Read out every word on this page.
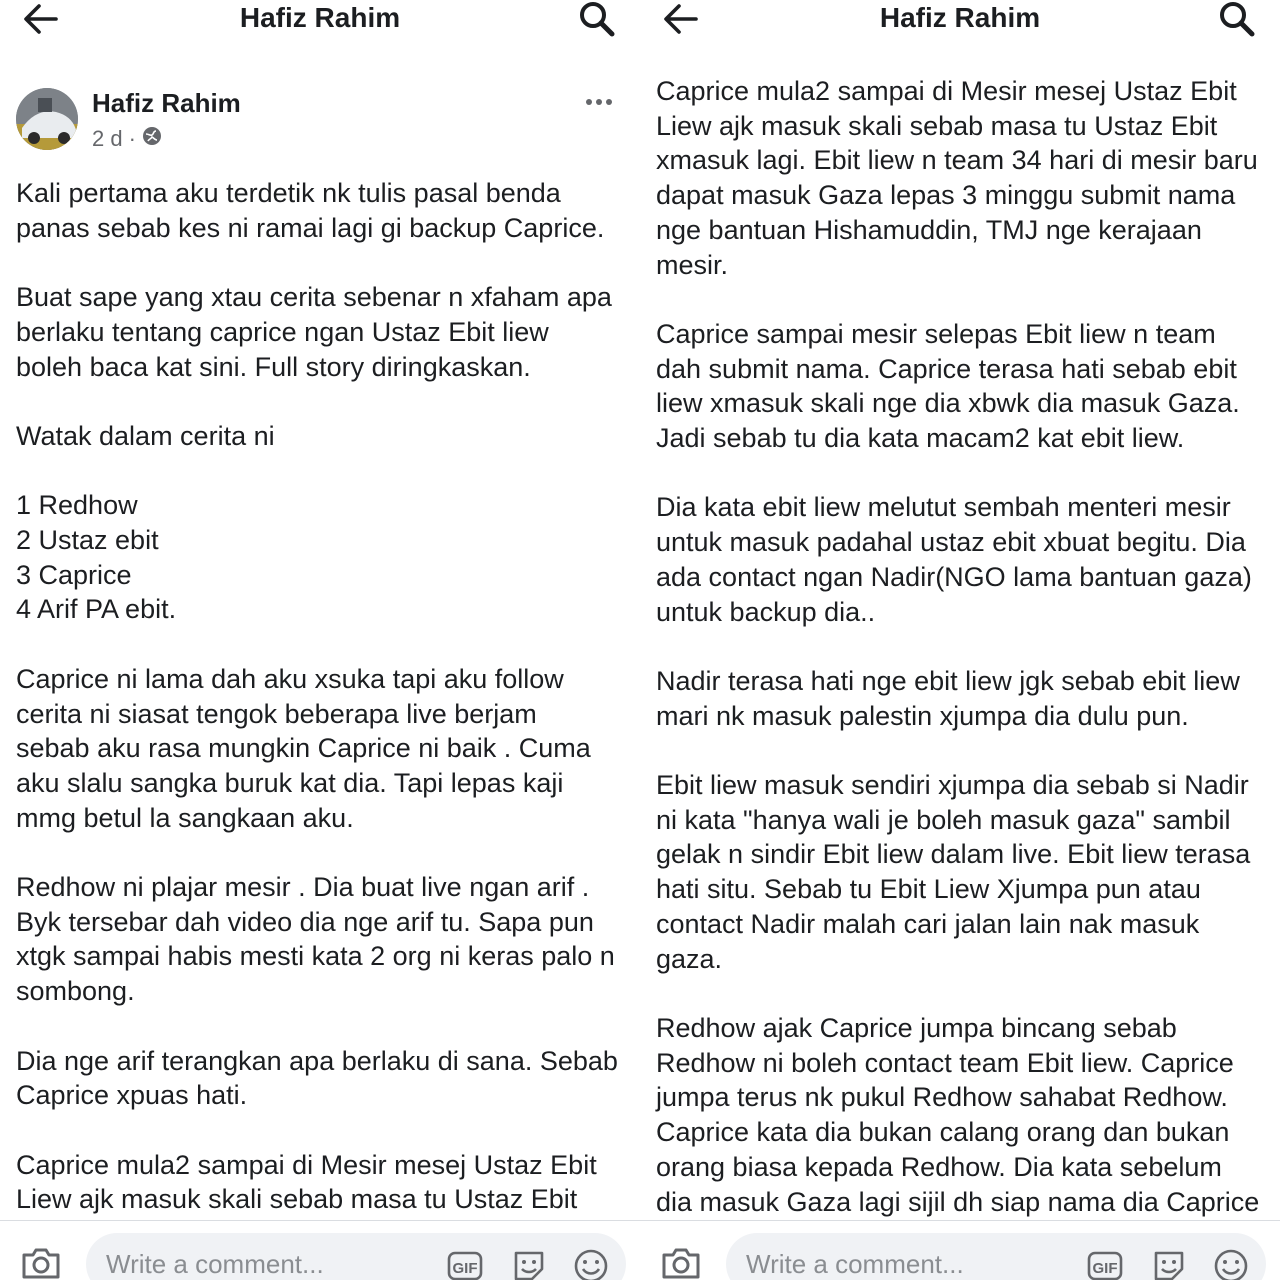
Hafiz Rahim
Hafiz Rahim
2 d ·
Kali pertama aku terdetik nk tulis pasal benda
panas sebab kes ni ramai lagi gi backup Caprice.

Buat sape yang xtau cerita sebenar n xfaham apa
berlaku tentang caprice ngan Ustaz Ebit liew
boleh baca kat sini. Full story diringkaskan.

Watak dalam cerita ni

1 Redhow
2 Ustaz ebit
3 Caprice
4 Arif PA ebit.

Caprice ni lama dah aku xsuka tapi aku follow
cerita ni siasat tengok beberapa live berjam
sebab aku rasa mungkin Caprice ni baik . Cuma
aku slalu sangka buruk kat dia. Tapi lepas kaji
mmg betul la sangkaan aku.

Redhow ni plajar mesir . Dia buat live ngan arif .
Byk tersebar dah video dia nge arif tu. Sapa pun
xtgk sampai habis mesti kata 2 org ni keras palo n
sombong.

Dia nge arif terangkan apa berlaku di sana. Sebab
Caprice xpuas hati.

Caprice mula2 sampai di Mesir mesej Ustaz Ebit
Liew ajk masuk skali sebab masa tu Ustaz Ebit
Write a comment...	GIF
Hafiz Rahim
Caprice mula2 sampai di Mesir mesej Ustaz Ebit
Liew ajk masuk skali sebab masa tu Ustaz Ebit
xmasuk lagi. Ebit liew n team 34 hari di mesir baru
dapat masuk Gaza lepas 3 minggu submit nama
nge bantuan Hishamuddin, TMJ nge kerajaan
mesir.

Caprice sampai mesir selepas Ebit liew n team
dah submit nama. Caprice terasa hati sebab ebit
liew xmasuk skali nge dia xbwk dia masuk Gaza.
Jadi sebab tu dia kata macam2 kat ebit liew.

Dia kata ebit liew melutut sembah menteri mesir
untuk masuk padahal ustaz ebit xbuat begitu. Dia
ada contact ngan Nadir(NGO lama bantuan gaza)
untuk backup dia..

Nadir terasa hati nge ebit liew jgk sebab ebit liew
mari nk masuk palestin xjumpa dia dulu pun.

Ebit liew masuk sendiri xjumpa dia sebab si Nadir
ni kata "hanya wali je boleh masuk gaza" sambil
gelak n sindir Ebit liew dalam live. Ebit liew terasa
hati situ. Sebab tu Ebit Liew Xjumpa pun atau
contact Nadir malah cari jalan lain nak masuk
gaza.

Redhow ajak Caprice jumpa bincang sebab
Redhow ni boleh contact team Ebit liew. Caprice
jumpa terus nk pukul Redhow sahabat Redhow.
Caprice kata dia bukan calang orang dan bukan
orang biasa kepada Redhow. Dia kata sebelum
dia masuk Gaza lagi sijil dh siap nama dia Caprice
Write a comment...	GIF
